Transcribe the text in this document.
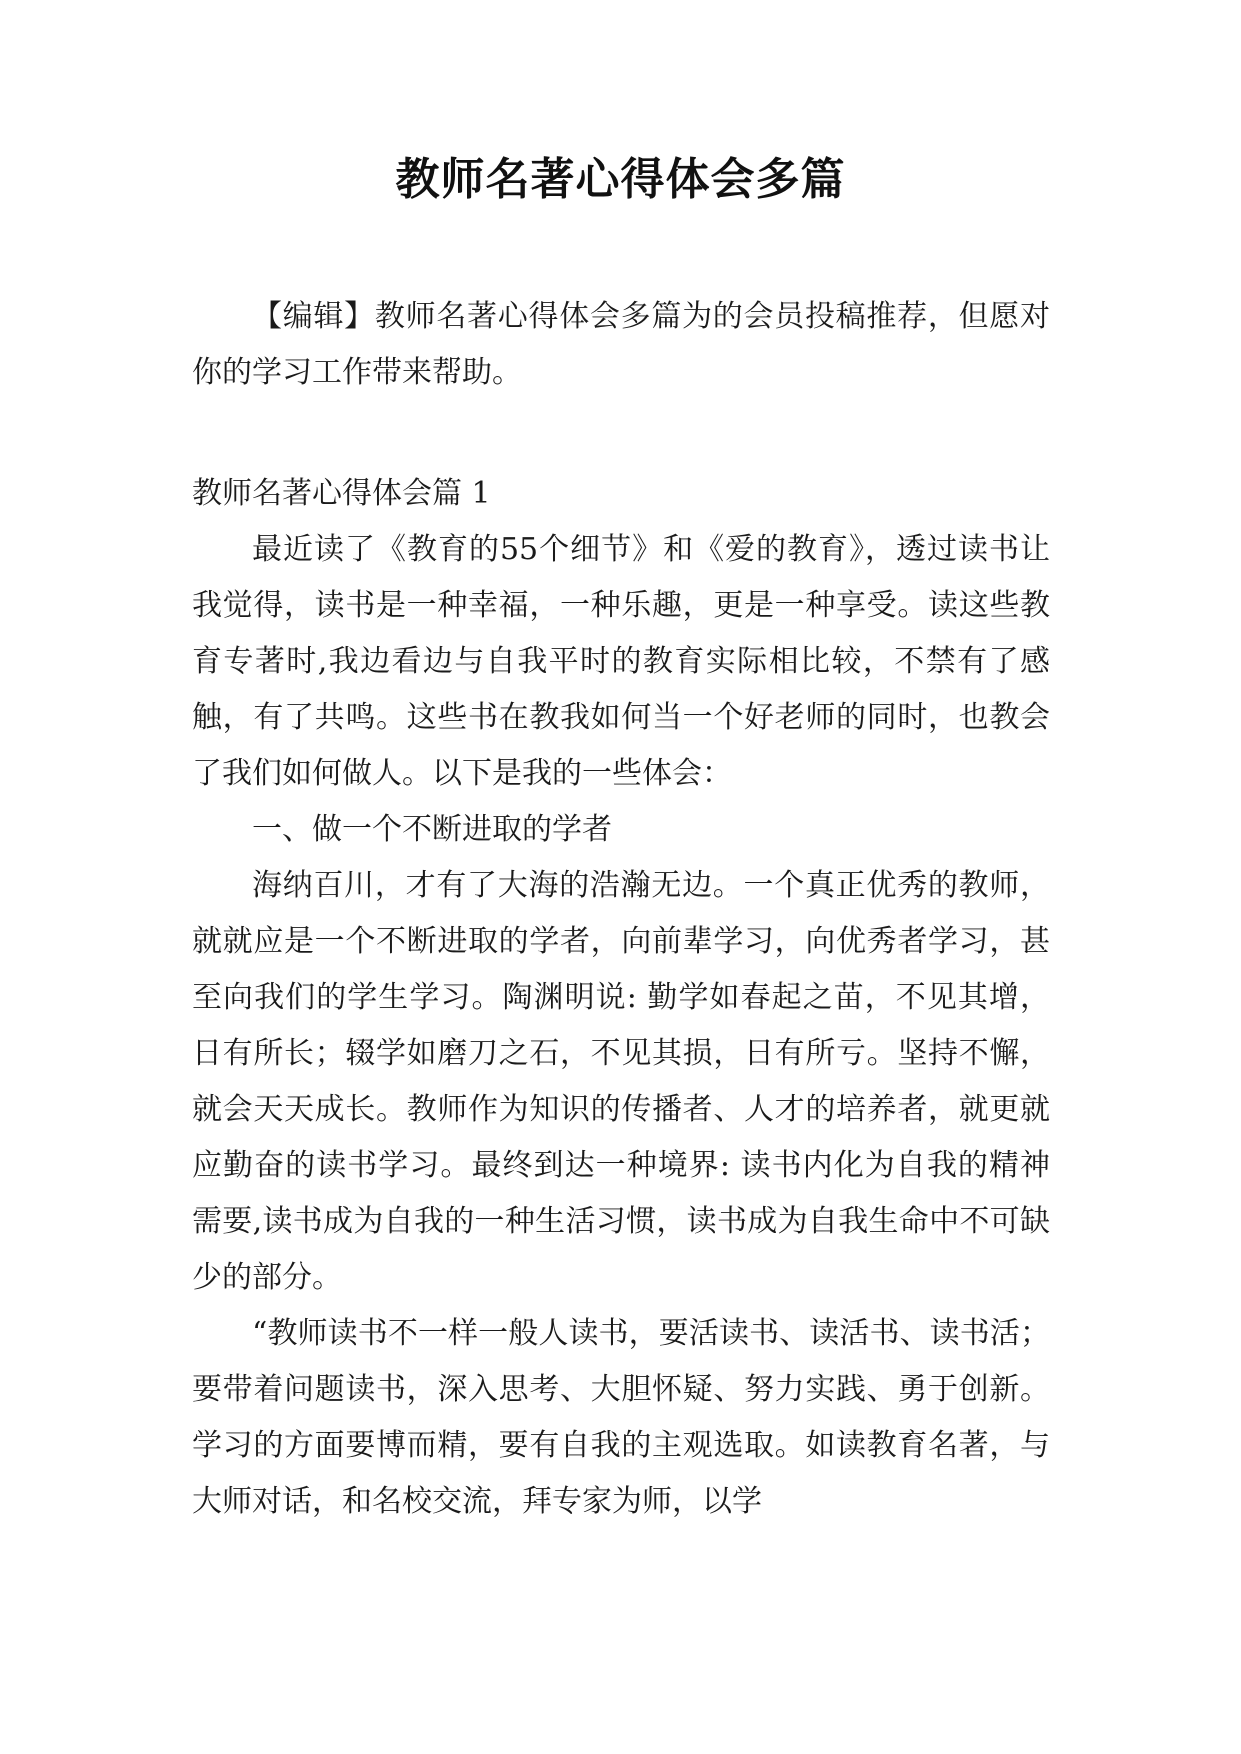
教师名著心得体会多篇

【编辑】教师名著心得体会多篇为的会员投稿推荐，但愿对你的学习工作带来帮助。

教师名著心得体会篇 1

最近读了《教育的55个细节》和《爱的教育》，透过读书让我觉得，读书是一种幸福，一种乐趣，更是一种享受。读这些教育专著时,我边看边与自我平时的教育实际相比较，不禁有了感触，有了共鸣。这些书在教我如何当一个好老师的同时，也教会了我们如何做人。以下是我的一些体会：

一、做一个不断进取的学者

海纳百川，才有了大海的浩瀚无边。一个真正优秀的教师，就就应是一个不断进取的学者，向前辈学习，向优秀者学习，甚至向我们的学生学习。陶渊明说: 勤学如春起之苗，不见其增，日有所长；辍学如磨刀之石，不见其损，日有所亏。坚持不懈，就会天天成长。教师作为知识的传播者、人才的培养者，就更就应勤奋的读书学习。最终到达一种境界: 读书内化为自我的精神需要,读书成为自我的一种生活习惯，读书成为自我生命中不可缺少的部分。

“教师读书不一样一般人读书，要活读书、读活书、读书活；要带着问题读书，深入思考、大胆怀疑、努力实践、勇于创新。学习的方面要博而精，要有自我的主观选取。如读教育名著，与大师对话，和名校交流，拜专家为师，以学
